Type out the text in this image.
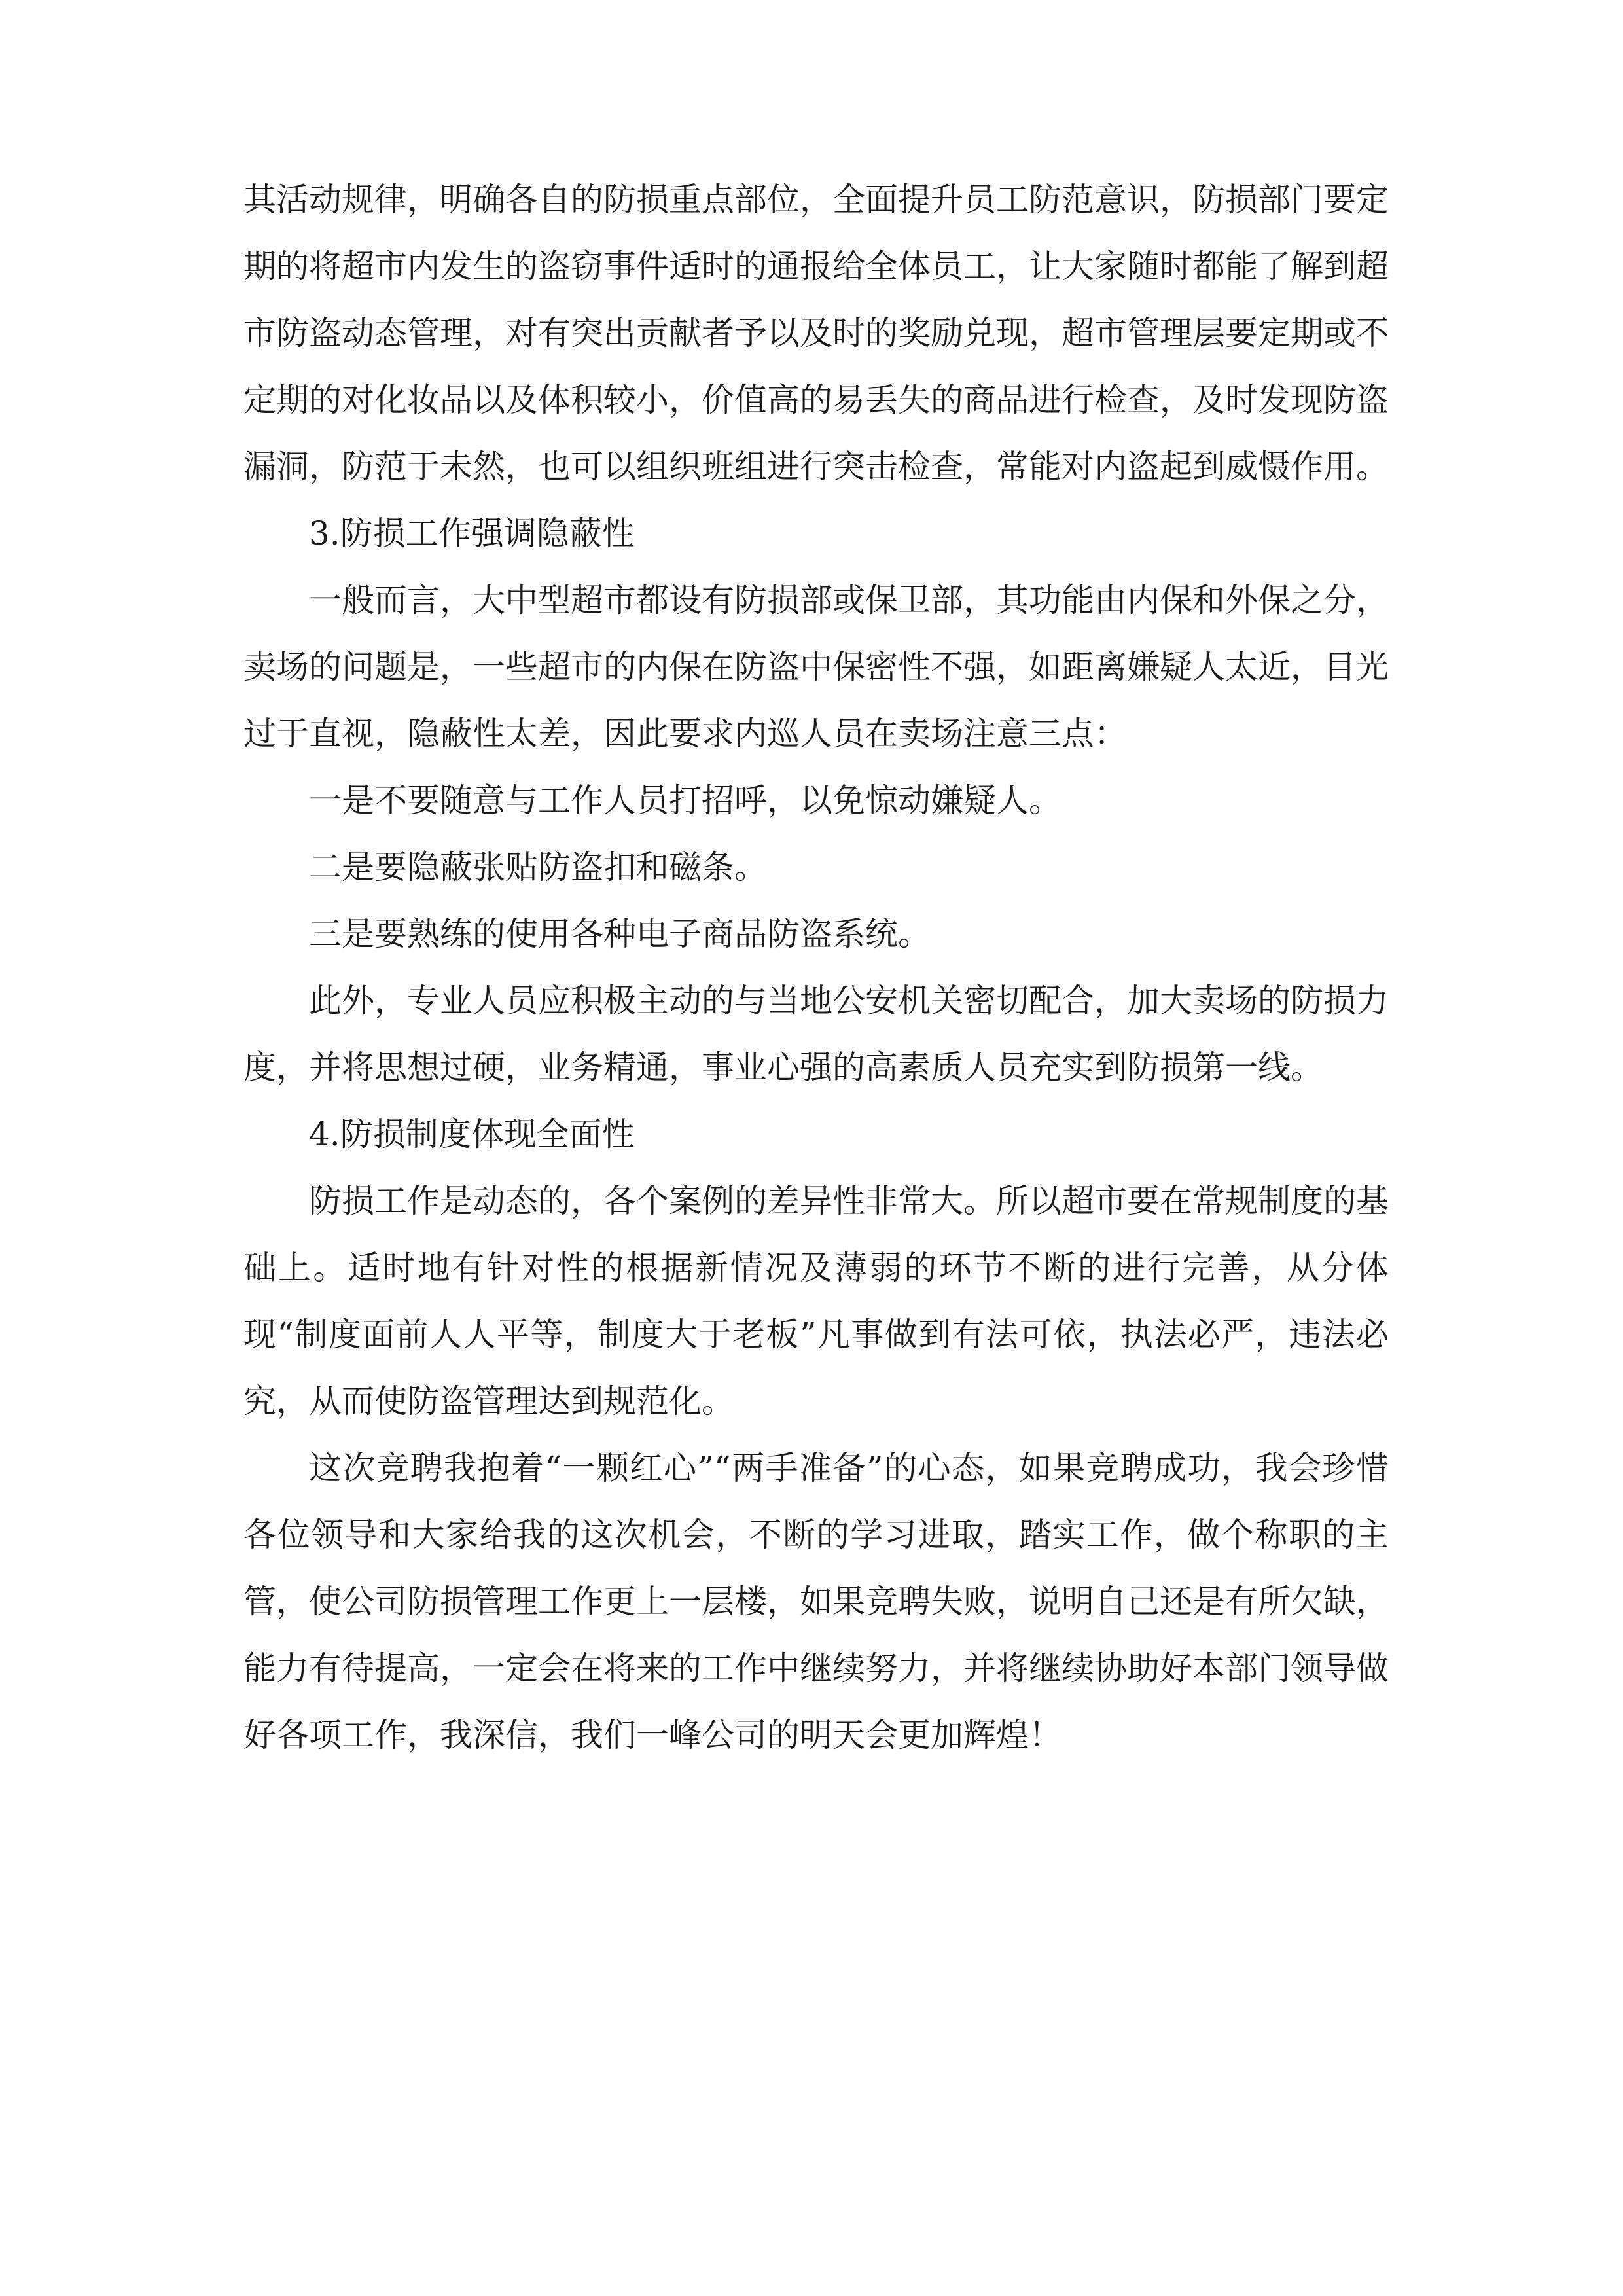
其活动规律，明确各自的防损重点部位，全面提升员工防范意识，防损部门要定期的将超市内发生的盗窃事件适时的通报给全体员工，让大家随时都能了解到超市防盗动态管理，对有突出贡献者予以及时的奖励兑现，超市管理层要定期或不定期的对化妆品以及体积较小，价值高的易丢失的商品进行检查，及时发现防盗漏洞，防范于未然，也可以组织班组进行突击检查，常能对内盗起到威慑作用。

3.防损工作强调隐蔽性

一般而言，大中型超市都设有防损部或保卫部，其功能由内保和外保之分，卖场的问题是，一些超市的内保在防盗中保密性不强，如距离嫌疑人太近，目光过于直视，隐蔽性太差，因此要求内巡人员在卖场注意三点：

一是不要随意与工作人员打招呼，以免惊动嫌疑人。

二是要隐蔽张贴防盗扣和磁条。

三是要熟练的使用各种电子商品防盗系统。

此外，专业人员应积极主动的与当地公安机关密切配合，加大卖场的防损力度，并将思想过硬，业务精通，事业心强的高素质人员充实到防损第一线。

4.防损制度体现全面性

防损工作是动态的，各个案例的差异性非常大。所以超市要在常规制度的基础上。适时地有针对性的根据新情况及薄弱的环节不断的进行完善，从分体现“制度面前人人平等，制度大于老板”凡事做到有法可依，执法必严，违法必究，从而使防盗管理达到规范化。

这次竞聘我抱着“一颗红心”“两手准备”的心态，如果竞聘成功，我会珍惜各位领导和大家给我的这次机会，不断的学习进取，踏实工作，做个称职的主管，使公司防损管理工作更上一层楼，如果竞聘失败，说明自己还是有所欠缺，能力有待提高，一定会在将来的工作中继续努力，并将继续协助好本部门领导做好各项工作，我深信，我们一峰公司的明天会更加辉煌！
